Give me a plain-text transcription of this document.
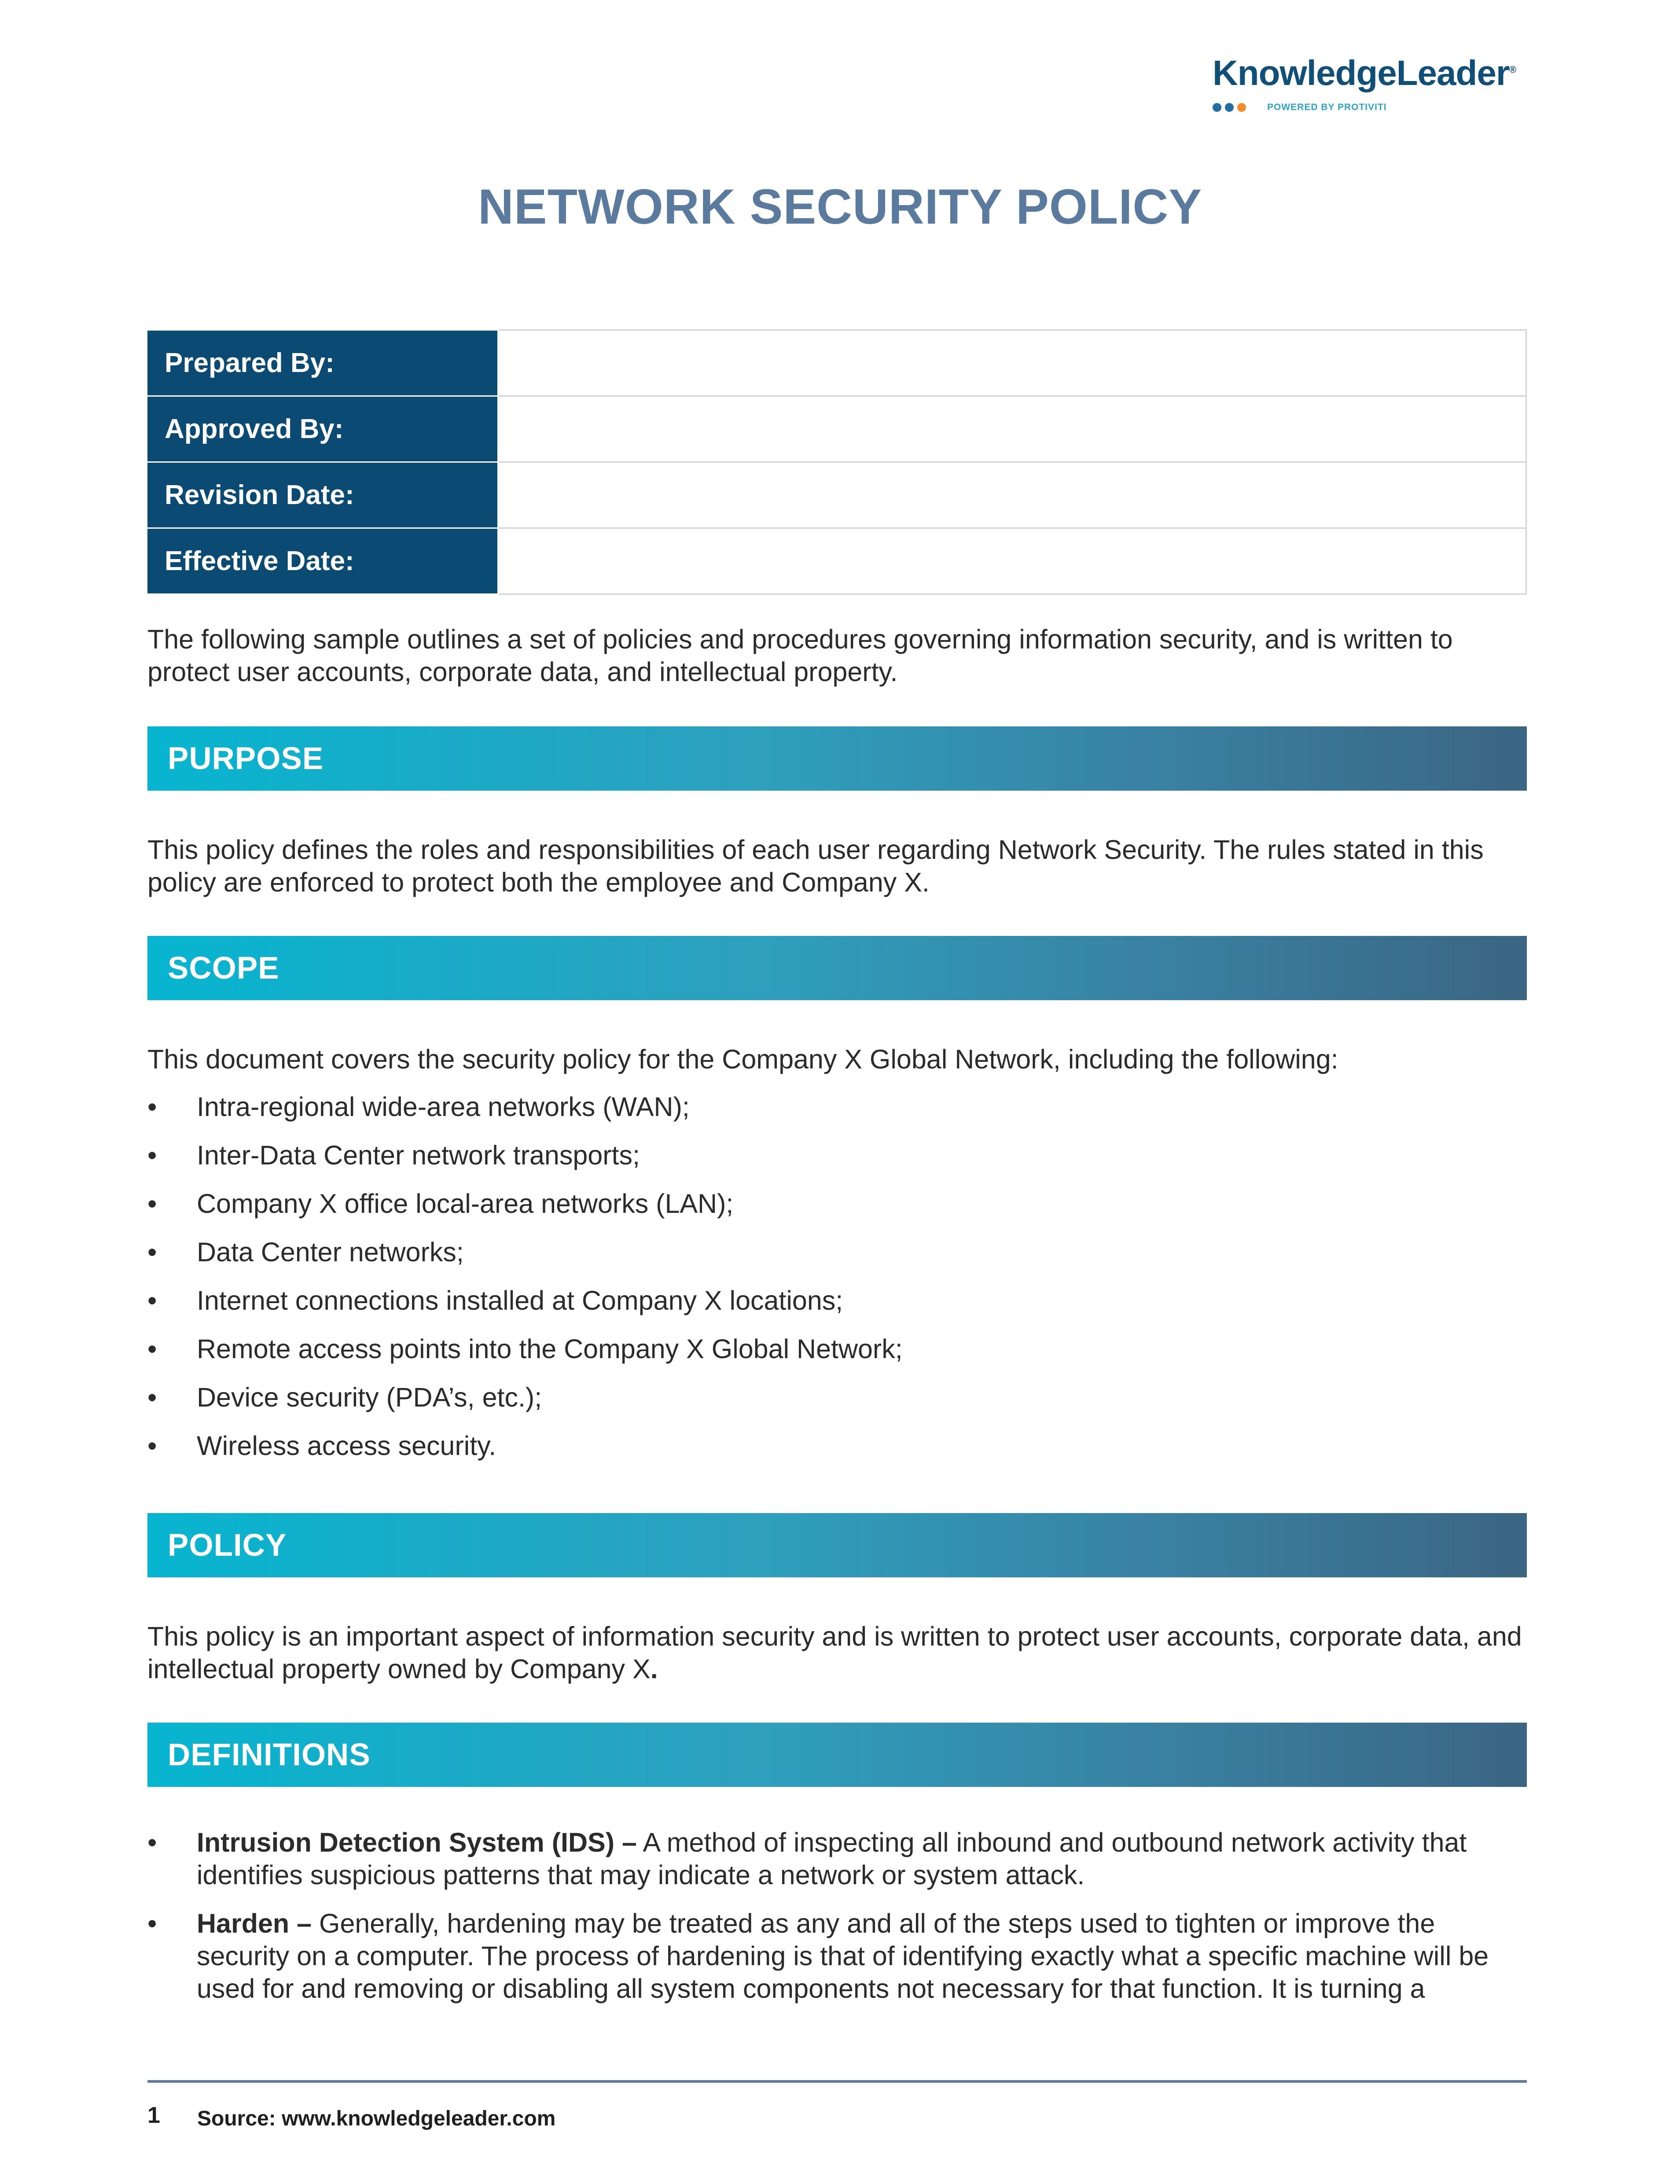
KnowledgeLeader®
POWERED BY PROTIVITI
NETWORK SECURITY POLICY
Prepared By:	
Approved By:	
Revision Date:	
Effective Date:	

The following sample outlines a set of policies and procedures governing information security, and is written to protect user accounts, corporate data, and intellectual property.

PURPOSE

This policy defines the roles and responsibilities of each user regarding Network Security. The rules stated in this policy are enforced to protect both the employee and Company X.

SCOPE

This document covers the security policy for the Company X Global Network, including the following:

• Intra-regional wide-area networks (WAN);
• Inter-Data Center network transports;
• Company X office local-area networks (LAN);
• Data Center networks;
• Internet connections installed at Company X locations;
• Remote access points into the Company X Global Network;
• Device security (PDA’s, etc.);
• Wireless access security.
POLICY

This policy is an important aspect of information security and is written to protect user accounts, corporate data, and intellectual property owned by Company X.

DEFINITIONS
• Intrusion Detection System (IDS) – A method of inspecting all inbound and outbound network activity that identifies suspicious patterns that may indicate a network or system attack.
• Harden – Generally, hardening may be treated as any and all of the steps used to tighten or improve the security on a computer. The process of hardening is that of identifying exactly what a specific machine will be used for and removing or disabling all system components not necessary for that function. It is turning a
1 Source: www.knowledgeleader.com
